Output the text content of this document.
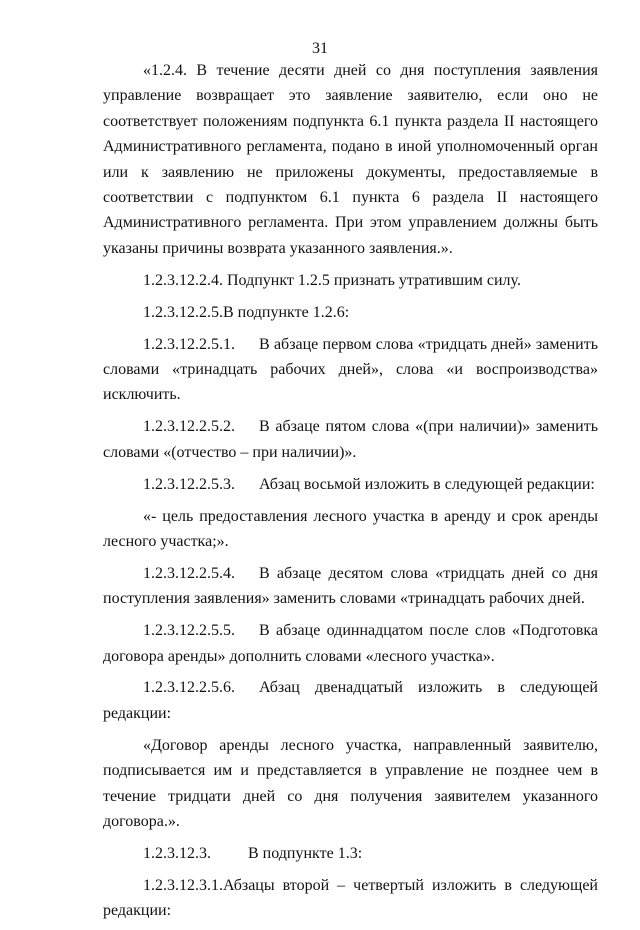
31

«1.2.4. В течение десяти дней со дня поступления заявления управление возвращает это заявление заявителю, если оно не соответствует положениям подпункта 6.1 пункта раздела II настоящего Административного регламента, подано в иной уполномоченный орган или к заявлению не приложены документы, предоставляемые в соответствии с подпунктом 6.1 пункта 6 раздела II настоящего Административного регламента. При этом управлением должны быть указаны причины возврата указанного заявления.».

1.2.3.12.2.4. Подпункт 1.2.5 признать утратившим силу.

1.2.3.12.2.5.В подпункте 1.2.6:

1.2.3.12.2.5.1. В абзаце первом слова «тридцать дней» заменить словами «тринадцать рабочих дней», слова «и воспроизводства» исключить.

1.2.3.12.2.5.2. В абзаце пятом слова «(при наличии)» заменить словами «(отчество – при наличии)».

1.2.3.12.2.5.3. Абзац восьмой изложить в следующей редакции:

«- цель предоставления лесного участка в аренду и срок аренды лесного участка;».

1.2.3.12.2.5.4. В абзаце десятом слова «тридцать дней со дня поступления заявления» заменить словами «тринадцать рабочих дней.

1.2.3.12.2.5.5. В абзаце одиннадцатом после слов «Подготовка договора аренды» дополнить словами «лесного участка».

1.2.3.12.2.5.6. Абзац двенадцатый изложить в следующей редакции:

«Договор аренды лесного участка, направленный заявителю, подписывается им и представляется в управление не позднее чем в течение тридцати дней со дня получения заявителем указанного договора.».

1.2.3.12.3. В подпункте 1.3:

1.2.3.12.3.1.Абзацы второй – четвертый изложить в следующей редакции:
